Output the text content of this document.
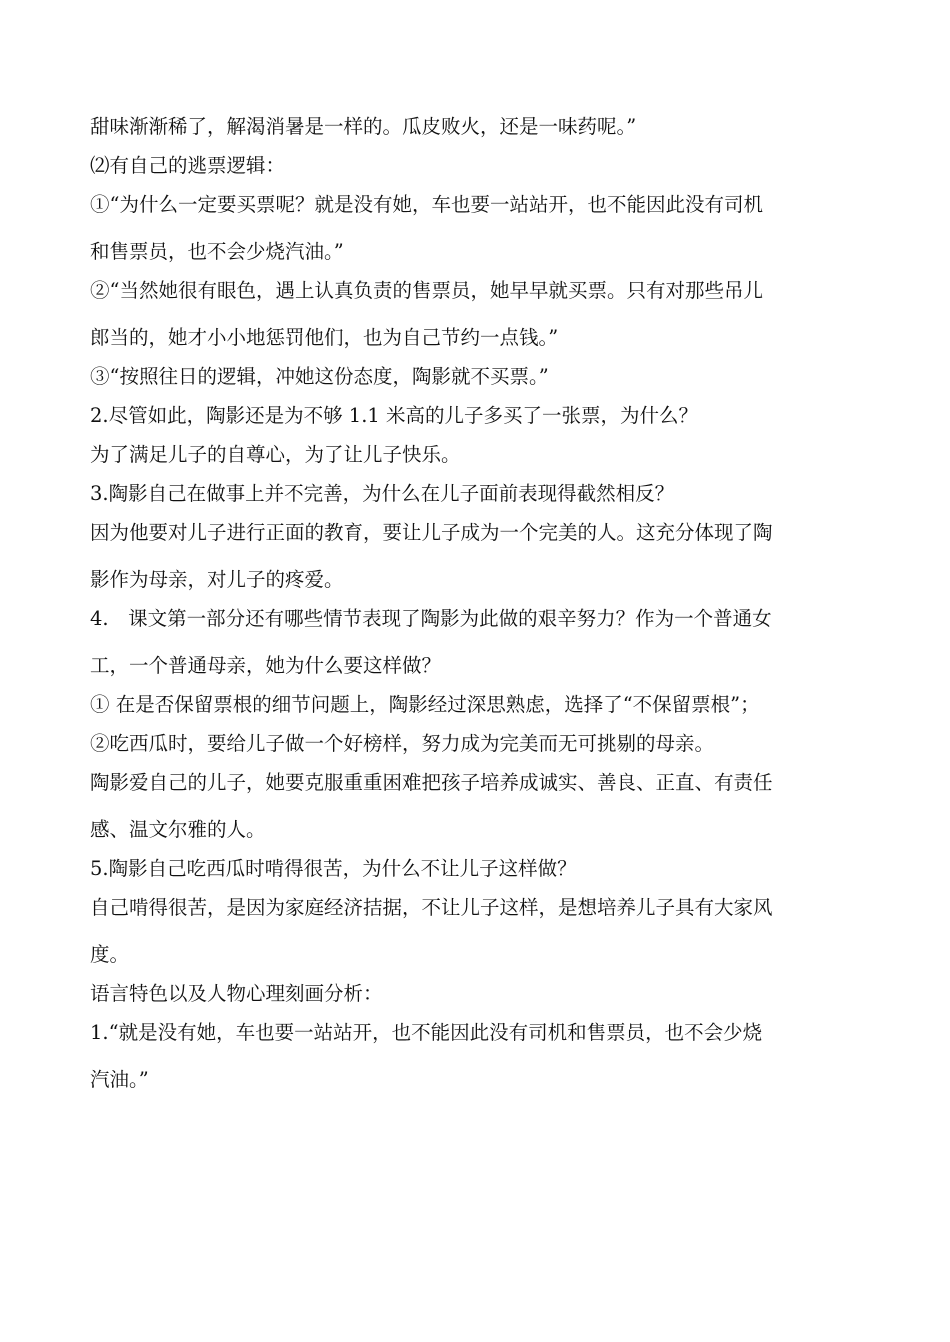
甜味渐渐稀了，解渴消暑是一样的。瓜皮败火，还是一味药呢。”

⑵有自己的逃票逻辑：

①“为什么一定要买票呢？就是没有她，车也要一站站开，也不能因此没有司机

和售票员，也不会少烧汽油。”

②“当然她很有眼色，遇上认真负责的售票员，她早早就买票。只有对那些吊儿

郎当的，她才小小地惩罚他们，也为自己节约一点钱。”

③“按照往日的逻辑，冲她这份态度，陶影就不买票。”

2.尽管如此，陶影还是为不够 1.1 米高的儿子多买了一张票，为什么？

为了满足儿子的自尊心，为了让儿子快乐。

3.陶影自己在做事上并不完善，为什么在儿子面前表现得截然相反？

因为他要对儿子进行正面的教育，要让儿子成为一个完美的人。这充分体现了陶

影作为母亲，对儿子的疼爱。

4.　课文第一部分还有哪些情节表现了陶影为此做的艰辛努力？作为一个普通女

工，一个普通母亲，她为什么要这样做？

① 在是否保留票根的细节问题上，陶影经过深思熟虑，选择了“不保留票根”；

②吃西瓜时，要给儿子做一个好榜样，努力成为完美而无可挑剔的母亲。

陶影爱自己的儿子，她要克服重重困难把孩子培养成诚实、善良、正直、有责任

感、温文尔雅的人。

5.陶影自己吃西瓜时啃得很苦，为什么不让儿子这样做？

自己啃得很苦，是因为家庭经济拮据，不让儿子这样，是想培养儿子具有大家风

度。

语言特色以及人物心理刻画分析：

1.“就是没有她，车也要一站站开，也不能因此没有司机和售票员，也不会少烧

汽油。”
